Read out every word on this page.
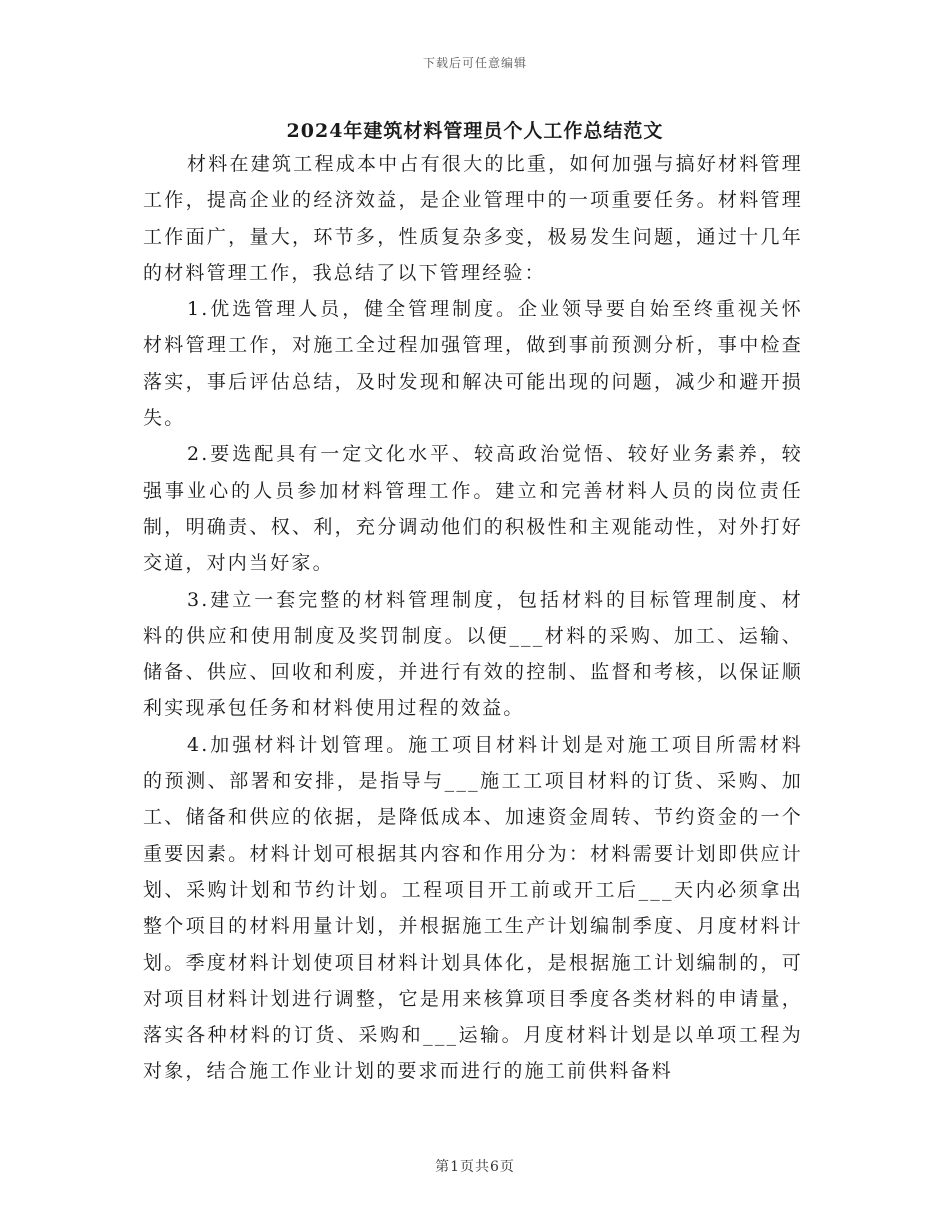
下载后可任意编辑
2024年建筑材料管理员个人工作总结范文

材料在建筑工程成本中占有很大的比重，如何加强与搞好材料管理工作，提高企业的经济效益，是企业管理中的一项重要任务。材料管理工作面广，量大，环节多，性质复杂多变，极易发生问题，通过十几年的材料管理工作，我总结了以下管理经验：

1.优选管理人员，健全管理制度。企业领导要自始至终重视关怀材料管理工作，对施工全过程加强管理，做到事前预测分析，事中检查落实，事后评估总结，及时发现和解决可能出现的问题，减少和避开损失。

2.要选配具有一定文化水平、较高政治觉悟、较好业务素养，较强事业心的人员参加材料管理工作。建立和完善材料人员的岗位责任制，明确责、权、利，充分调动他们的积极性和主观能动性，对外打好交道，对内当好家。

3.建立一套完整的材料管理制度，包括材料的目标管理制度、材料的供应和使用制度及奖罚制度。以便___材料的采购、加工、运输、储备、供应、回收和利废，并进行有效的控制、监督和考核，以保证顺利实现承包任务和材料使用过程的效益。

4.加强材料计划管理。施工项目材料计划是对施工项目所需材料的预测、部署和安排，是指导与___施工工项目材料的订货、采购、加工、储备和供应的依据，是降低成本、加速资金周转、节约资金的一个重要因素。材料计划可根据其内容和作用分为：材料需要计划即供应计划、采购计划和节约计划。工程项目开工前或开工后___天内必须拿出整个项目的材料用量计划，并根据施工生产计划编制季度、月度材料计划。季度材料计划使项目材料计划具体化，是根据施工计划编制的，可对项目材料计划进行调整，它是用来核算项目季度各类材料的申请量，落实各种材料的订货、采购和___运输。月度材料计划是以单项工程为对象，结合施工作业计划的要求而进行的施工前供料备料

第1页共6页
